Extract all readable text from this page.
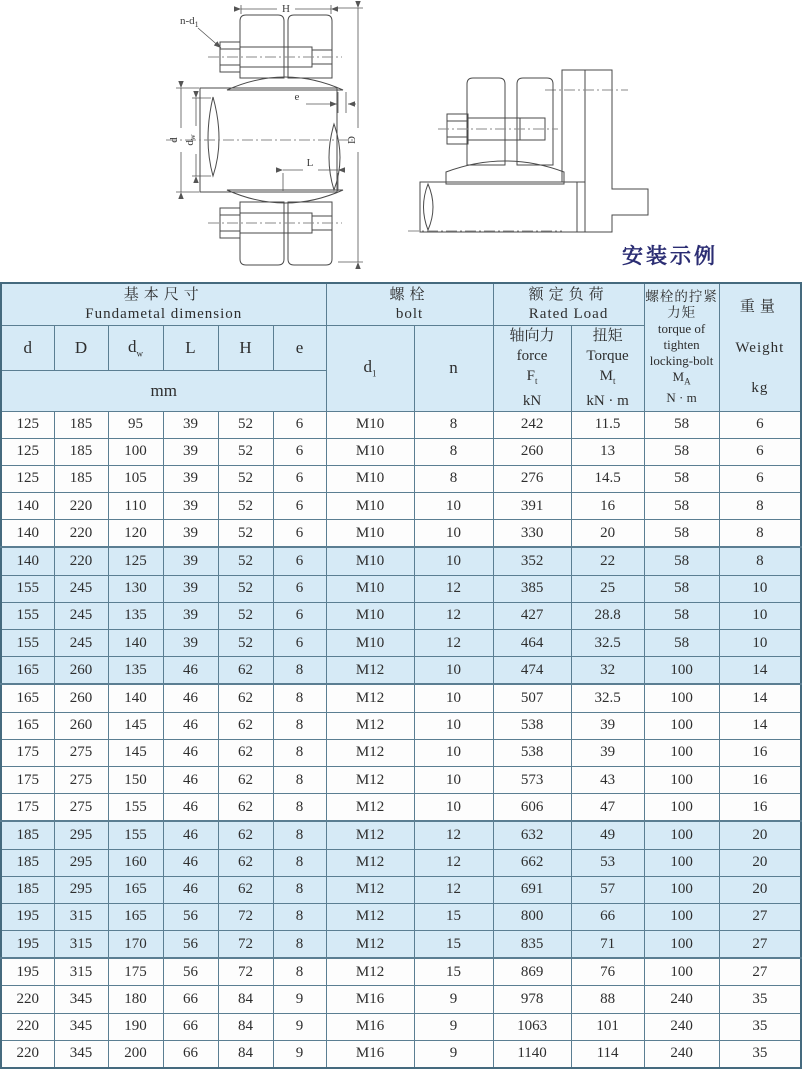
H
$n-d_1$
d
dw	D
e
L
安装示例
基本尺寸
Fundametal dimension

螺栓
bolt

额定负荷
Rated Load

螺栓的拧紧
力矩
torque of
tighten
locking-bolt
$M_A$
N · m

重量
Weight
kg

d	D	$d_w$	L	H	e	$d_1$	n	轴向力
force
$F_t$
kN	扭矩
Torque
$M_t$
kN · m		

mm											
125	185	95	39	52	6	M10	8	242	11.5	58	6
125	185	100	39	52	6	M10	8	260	13	58	6
125	185	105	39	52	6	M10	8	276	14.5	58	6
140	220	110	39	52	6	M10	10	391	16	58	8
140	220	120	39	52	6	M10	10	330	20	58	8
140	220	125	39	52	6	M10	10	352	22	58	8
155	245	130	39	52	6	M10	12	385	25	58	10
155	245	135	39	52	6	M10	12	427	28.8	58	10
155	245	140	39	52	6	M10	12	464	32.5	58	10
165	260	135	46	62	8	M12	10	474	32	100	14
165	260	140	46	62	8	M12	10	507	32.5	100	14
165	260	145	46	62	8	M12	10	538	39	100	14
175	275	145	46	62	8	M12	10	538	39	100	16
175	275	150	46	62	8	M12	10	573	43	100	16
175	275	155	46	62	8	M12	10	606	47	100	16
185	295	155	46	62	8	M12	12	632	49	100	20
185	295	160	46	62	8	M12	12	662	53	100	20
185	295	165	46	62	8	M12	12	691	57	100	20
195	315	165	56	72	8	M12	15	800	66	100	27
195	315	170	56	72	8	M12	15	835	71	100	27
195	315	175	56	72	8	M12	15	869	76	100	27
220	345	180	66	84	9	M16	9	978	88	240	35
220	345	190	66	84	9	M16	9	1063	101	240	35
220	345	200	66	84	9	M16	9	1140	114	240	35
